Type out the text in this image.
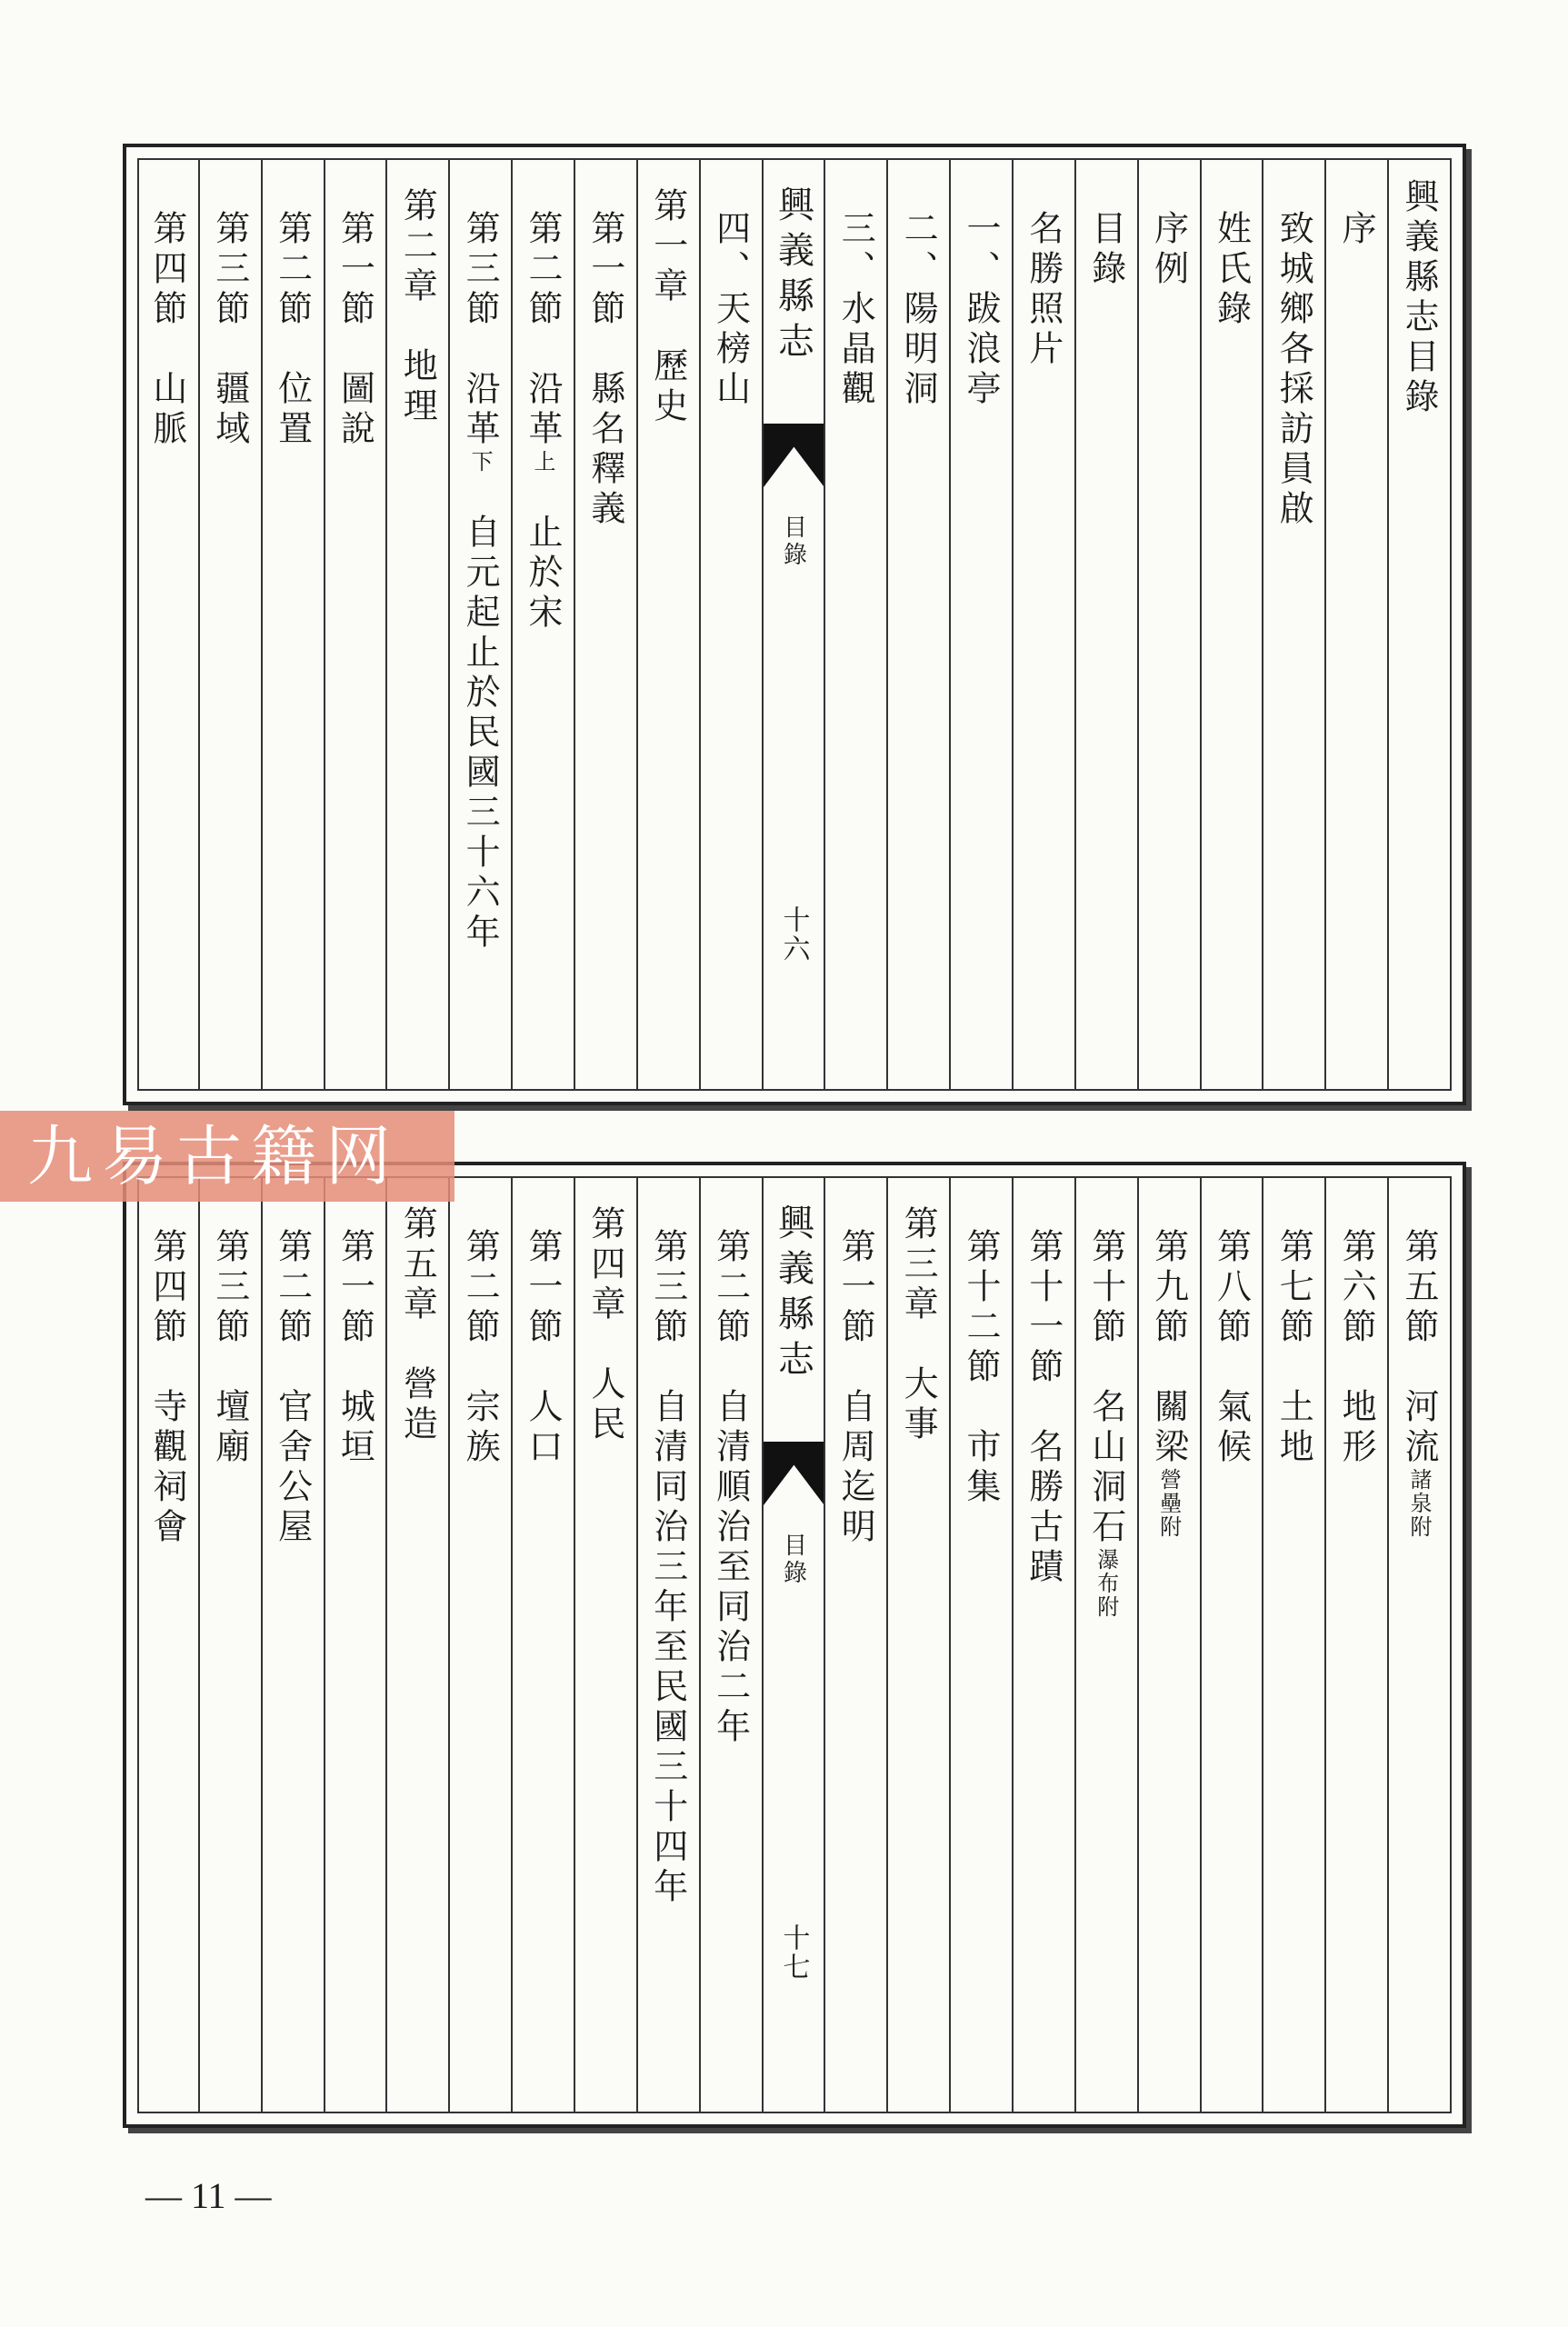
興義縣志目錄
序
致城鄉各採訪員啟
姓氏錄
序例
目錄
名勝照片
一、跋浪亭
二、陽明洞
三、水晶觀
興義縣志
目錄
十六
四、天榜山
第一章　歷史
第一節　縣名釋義
第二節　沿革上　止於宋
第三節　沿革下　自元起止於民國三十六年
第二章　地理
第一節　圖說
第二節　位置
第三節　疆域
第四節　山脈
第五節　河流諸泉附
第六節　地形
第七節　土地
第八節　氣候
第九節　關梁營壘附
第十節　名山洞石瀑布附
第十一節　名勝古蹟
第十二節　市集
第三章　大事
第一節　自周迄明
興義縣志
目錄
十七
第二節　自清順治至同治二年
第三節　自清同治三年至民國三十四年
第四章　人民
第一節　人口
第二節　宗族
第五章　營造
第一節　城垣
第二節　官舍公屋
第三節　壇廟
第四節　寺觀祠會
九易古籍网
— 11 —
